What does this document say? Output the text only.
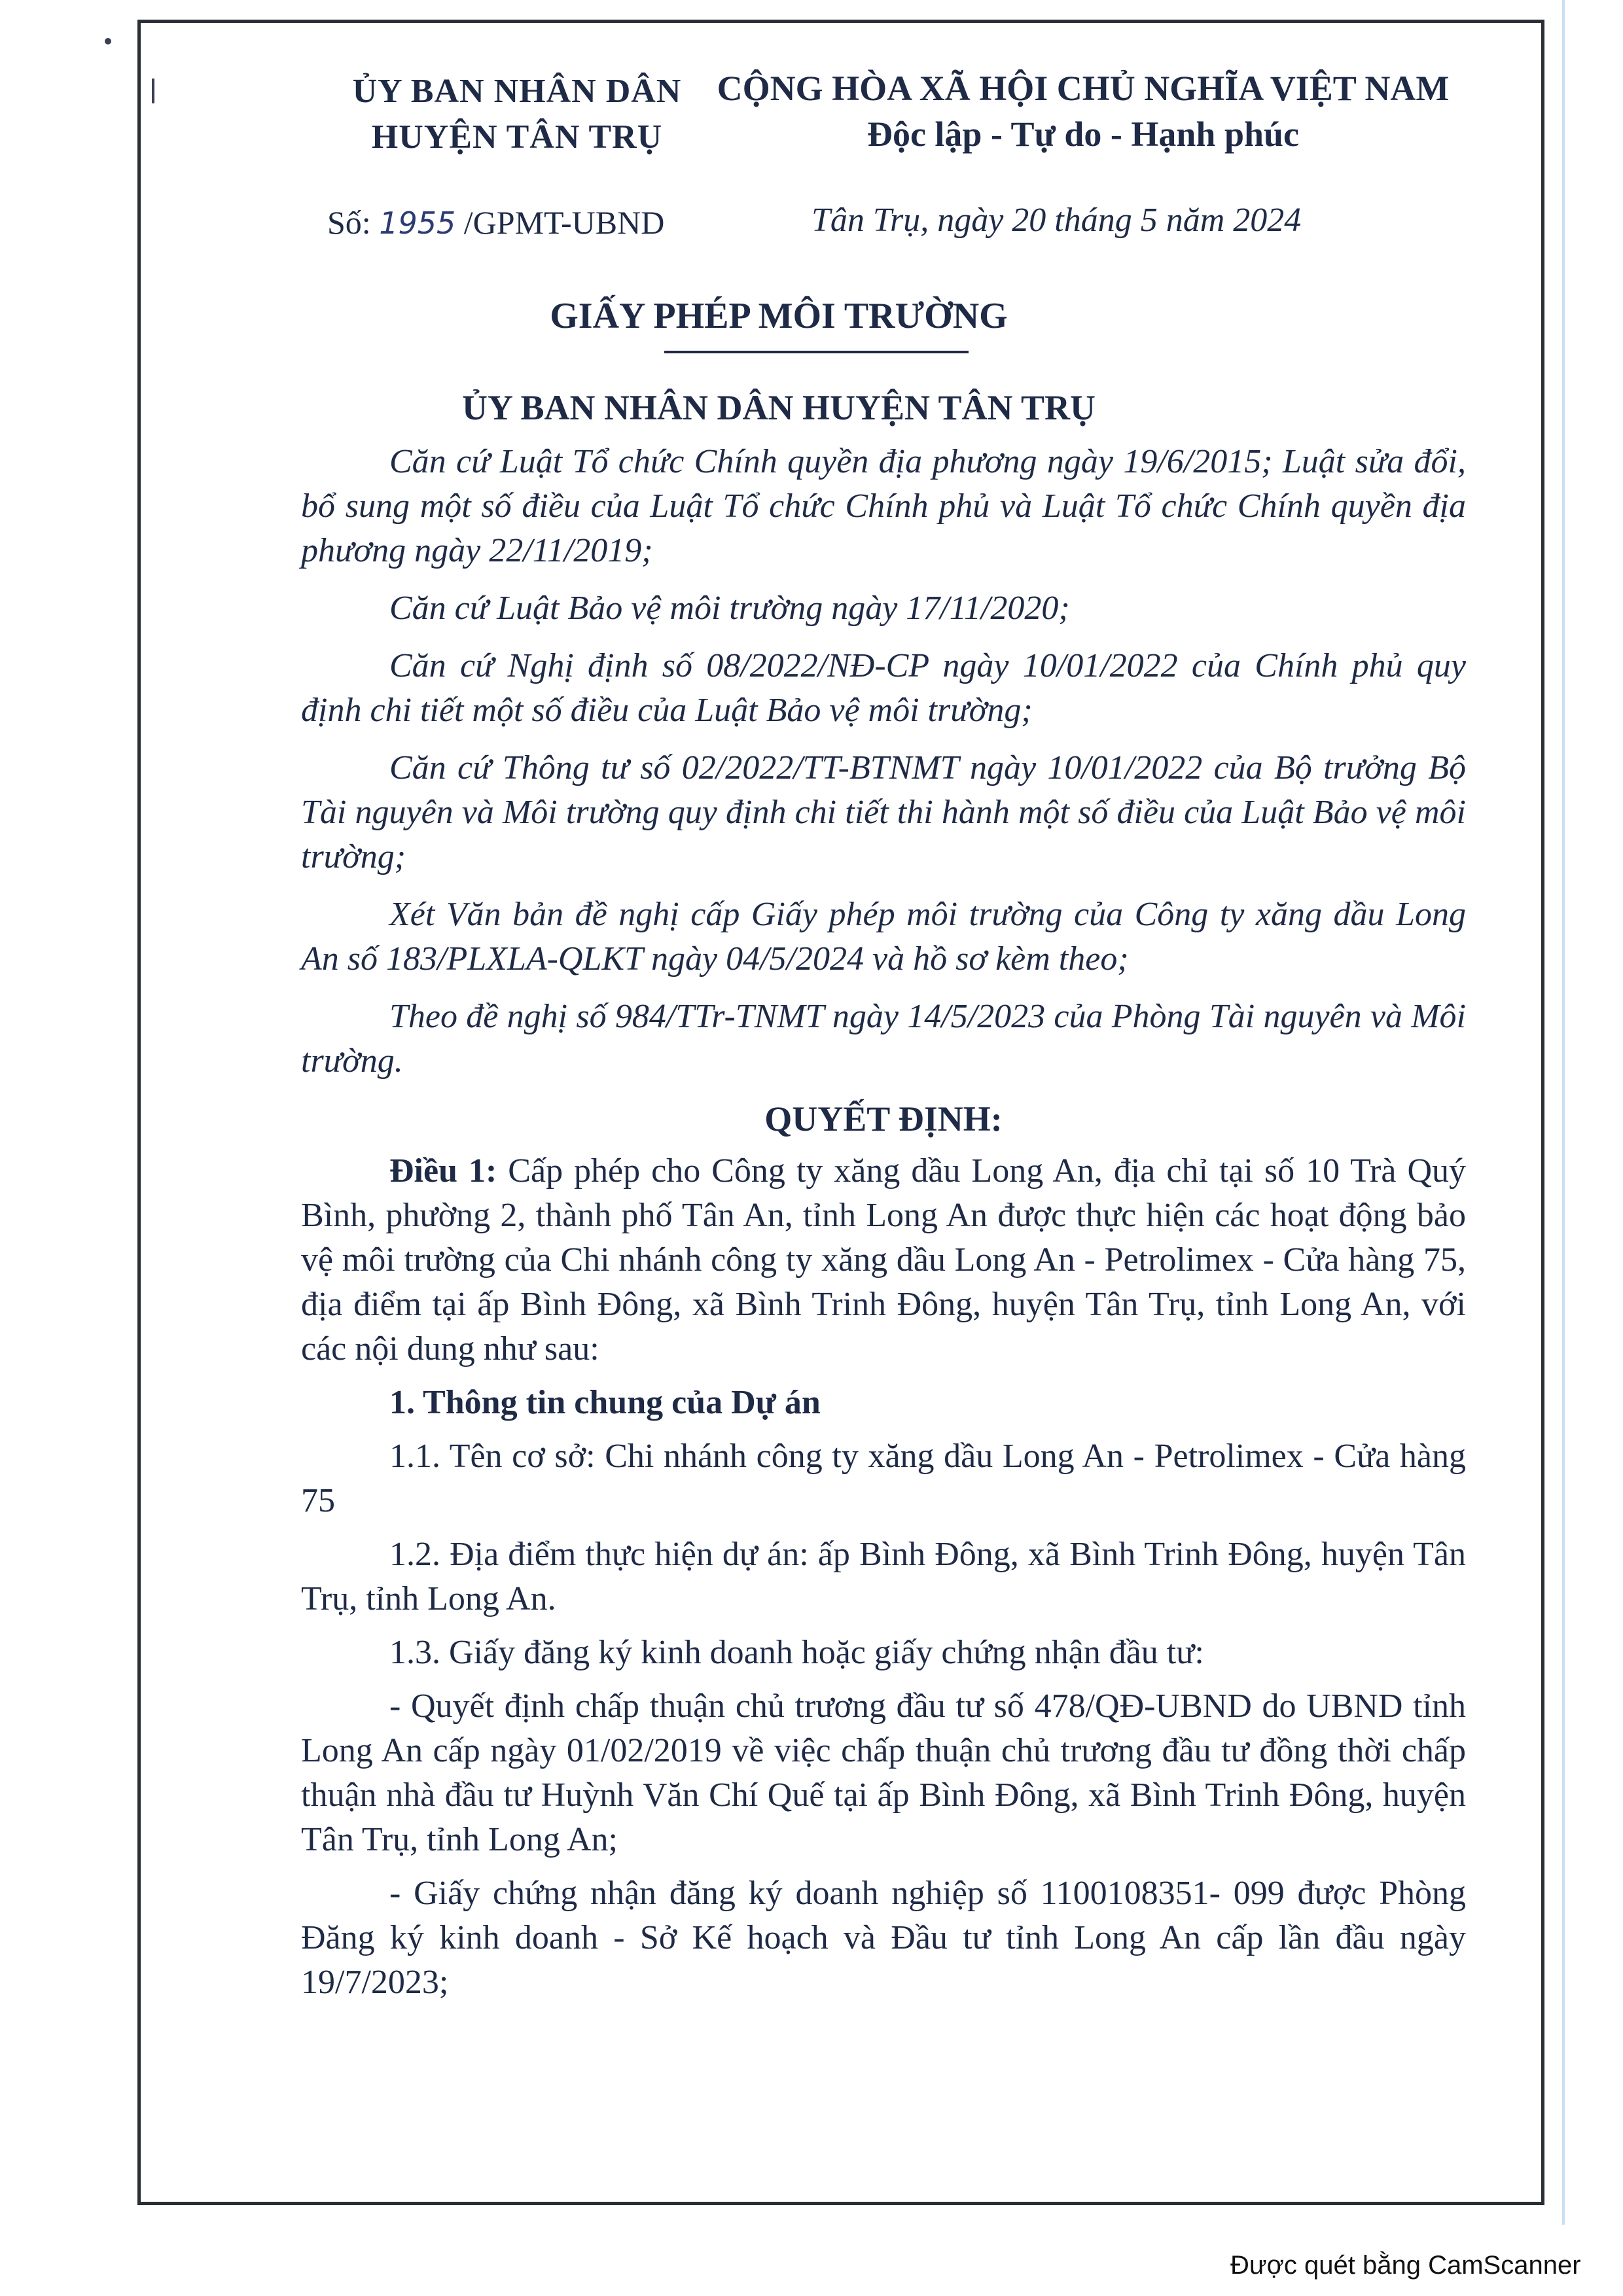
ỦY BAN NHÂN DÂN
HUYỆN TÂN TRỤ
CỘNG HÒA XÃ HỘI CHỦ NGHĨA VIỆT NAM
Độc lập - Tự do - Hạnh phúc
Số: 1955 /GPMT-UBND	Tân Trụ, ngày 20 tháng 5 năm 2024
GIẤY PHÉP MÔI TRƯỜNG
ỦY BAN NHÂN DÂN HUYỆN TÂN TRỤ

Căn cứ Luật Tổ chức Chính quyền địa phương ngày 19/6/2015; Luật sửa đổi, bổ sung một số điều của Luật Tổ chức Chính phủ và Luật Tổ chức Chính quyền địa phương ngày 22/11/2019;

Căn cứ Luật Bảo vệ môi trường ngày 17/11/2020;

Căn cứ Nghị định số 08/2022/NĐ-CP ngày 10/01/2022 của Chính phủ quy định chi tiết một số điều của Luật Bảo vệ môi trường;

Căn cứ Thông tư số 02/2022/TT-BTNMT ngày 10/01/2022 của Bộ trưởng Bộ Tài nguyên và Môi trường quy định chi tiết thi hành một số điều của Luật Bảo vệ môi trường;

Xét Văn bản đề nghị cấp Giấy phép môi trường của Công ty xăng dầu Long An số 183/PLXLA-QLKT ngày 04/5/2024 và hồ sơ kèm theo;

Theo đề nghị số 984/TTr-TNMT ngày 14/5/2023 của Phòng Tài nguyên và Môi trường.

QUYẾT ĐỊNH:

Điều 1: Cấp phép cho Công ty xăng dầu Long An, địa chỉ tại số 10 Trà Quý Bình, phường 2, thành phố Tân An, tỉnh Long An được thực hiện các hoạt động bảo vệ môi trường của Chi nhánh công ty xăng dầu Long An - Petrolimex - Cửa hàng 75, địa điểm tại ấp Bình Đông, xã Bình Trinh Đông, huyện Tân Trụ, tỉnh Long An, với các nội dung như sau:

1. Thông tin chung của Dự án

1.1. Tên cơ sở: Chi nhánh công ty xăng dầu Long An - Petrolimex - Cửa hàng 75

1.2. Địa điểm thực hiện dự án: ấp Bình Đông, xã Bình Trinh Đông, huyện Tân Trụ, tỉnh Long An.

1.3. Giấy đăng ký kinh doanh hoặc giấy chứng nhận đầu tư:

- Quyết định chấp thuận chủ trương đầu tư số 478/QĐ-UBND do UBND tỉnh Long An cấp ngày 01/02/2019 về việc chấp thuận chủ trương đầu tư đồng thời chấp thuận nhà đầu tư Huỳnh Văn Chí Quế tại ấp Bình Đông, xã Bình Trinh Đông, huyện Tân Trụ, tỉnh Long An;

- Giấy chứng nhận đăng ký doanh nghiệp số 1100108351- 099 được Phòng Đăng ký kinh doanh - Sở Kế hoạch và Đầu tư tỉnh Long An cấp lần đầu ngày 19/7/2023;

Được quét bằng CamScanner
